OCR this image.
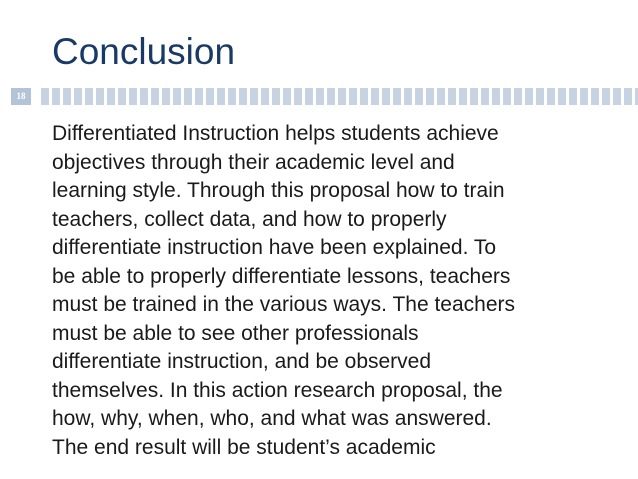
Conclusion
18
Differentiated Instruction helps students achieve
objectives through their academic level and
learning style. Through this proposal how to train
teachers, collect data, and how to properly
differentiate instruction have been explained. To
be able to properly differentiate lessons, teachers
must be trained in the various ways. The teachers
must be able to see other professionals
differentiate instruction, and be observed
themselves. In this action research proposal, the
how, why, when, who, and what was answered.
The end result will be student’s academic
